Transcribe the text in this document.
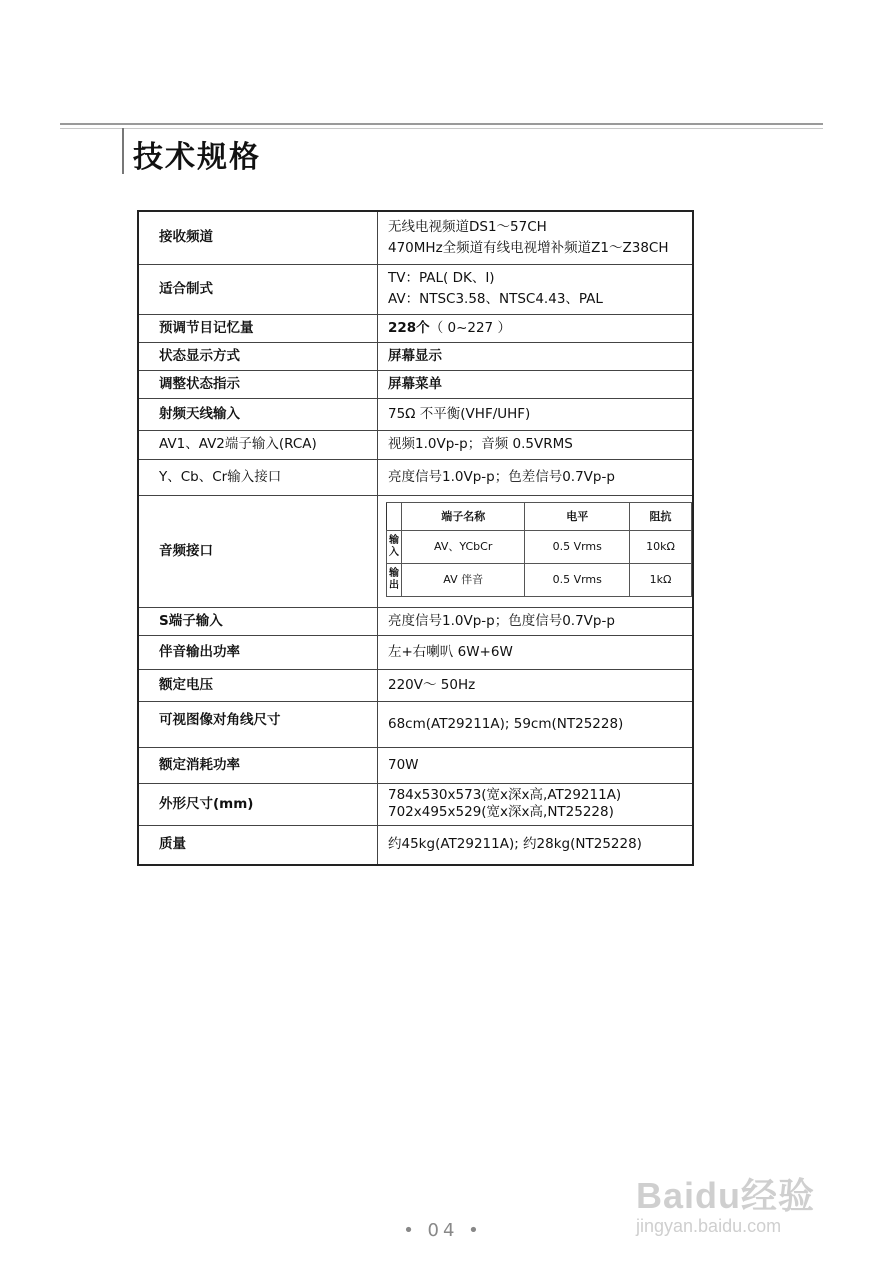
技术规格
接收频道	
无线电视频道DS1～57CH
470MHz全频道有线电视增补频道Z1～Z38CH

适合制式	
TV：PAL( DK、I)
AV：NTSC3.58、NTSC4.43、PAL

预调节目记忆量	228个（ 0~227 ）
状态显示方式	屏幕显示
调整状态指示	屏幕菜单
射频天线输入	75Ω 不平衡(VHF/UHF)
AV1、AV2端子输入(RCA)	视频1.0Vp-p；音频 0.5VRMS
Y、Cb、Cr输入接口	亮度信号1.0Vp-p；色差信号0.7Vp-p
音频接口	
	端子名称	电平	阻抗

输
入	AV、YCbCr	0.5 Vrms	10kΩ

输
出	AV 伴音	0.5 Vrms	1kΩ

S端子输入	亮度信号1.0Vp-p；色度信号0.7Vp-p
伴音输出功率	左+右喇叭 6W+6W
额定电压	220V～ 50Hz
可视图像对角线尺寸	68cm(AT29211A); 59cm(NT25228)
额定消耗功率	70W
外形尺寸(mm)	
784x530x573(宽x深x高,AT29211A)
702x495x529(宽x深x高,NT25228)

质量	约45kg(AT29211A); 约28kg(NT25228)
• 04 •
Baidu经验
jingyan.baidu.com
